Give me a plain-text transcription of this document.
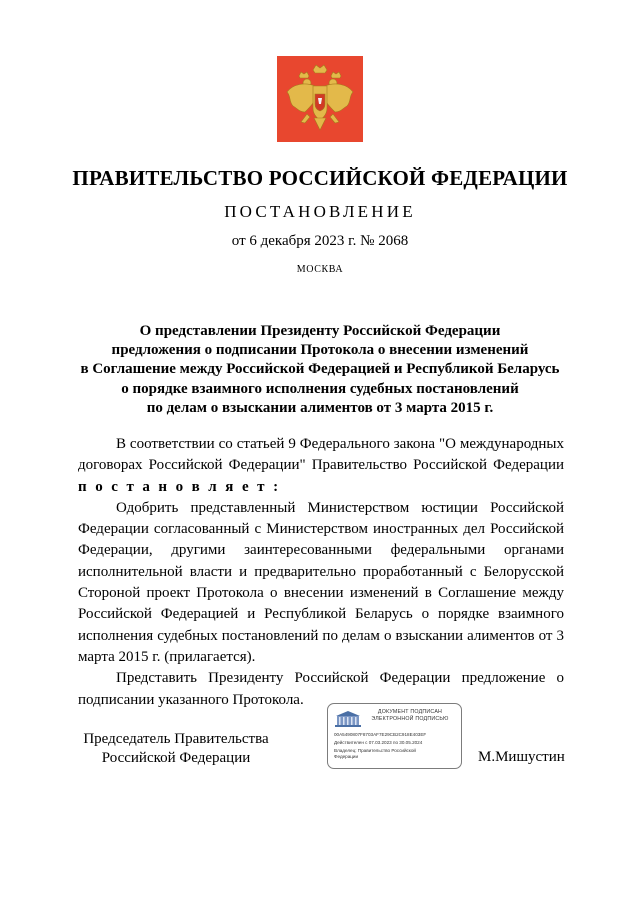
ПРАВИТЕЛЬСТВО РОССИЙСКОЙ ФЕДЕРАЦИИ
ПОСТАНОВЛЕНИЕ
от 6 декабря 2023 г. № 2068
МОСКВА
О представлении Президенту Российской Федерации
предложения о подписании Протокола о внесении изменений
в Соглашение между Российской Федерацией и Республикой Беларусь
о порядке взаимного исполнения судебных постановлений
по делам о взыскании алиментов от 3 марта 2015 г.

В соответствии со статьей 9 Федерального закона "О международных договорах Российской Федерации" Правительство Российской Федерации п о с т а н о в л я е т :

Одобрить представленный Министерством юстиции Российской Федерации согласованный с Министерством иностранных дел Российской Федерации, другими заинтересованными федеральными органами исполнительной власти и предварительно проработанный с Белорусской Стороной проект Протокола о внесении изменений в Соглашение между Российской Федерацией и Республикой Беларусь о порядке взаимного исполнения судебных постановлений по делам о взыскании алиментов от 3 марта 2015 г. (прилагается).

Представить Президенту Российской Федерации предложение о подписании указанного Протокола.

Председатель Правительства
Российской Федерации
ДОКУМЕНТ ПОДПИСАН
ЭЛЕКТРОННОЙ ПОДПИСЬЮ
00A5490807F8703AF7E29CB2C918E403EF
Действителен с 07.03.2023 по 30.05.2024
Владелец: Правительство Российской
Федерации	М.Мишустин
